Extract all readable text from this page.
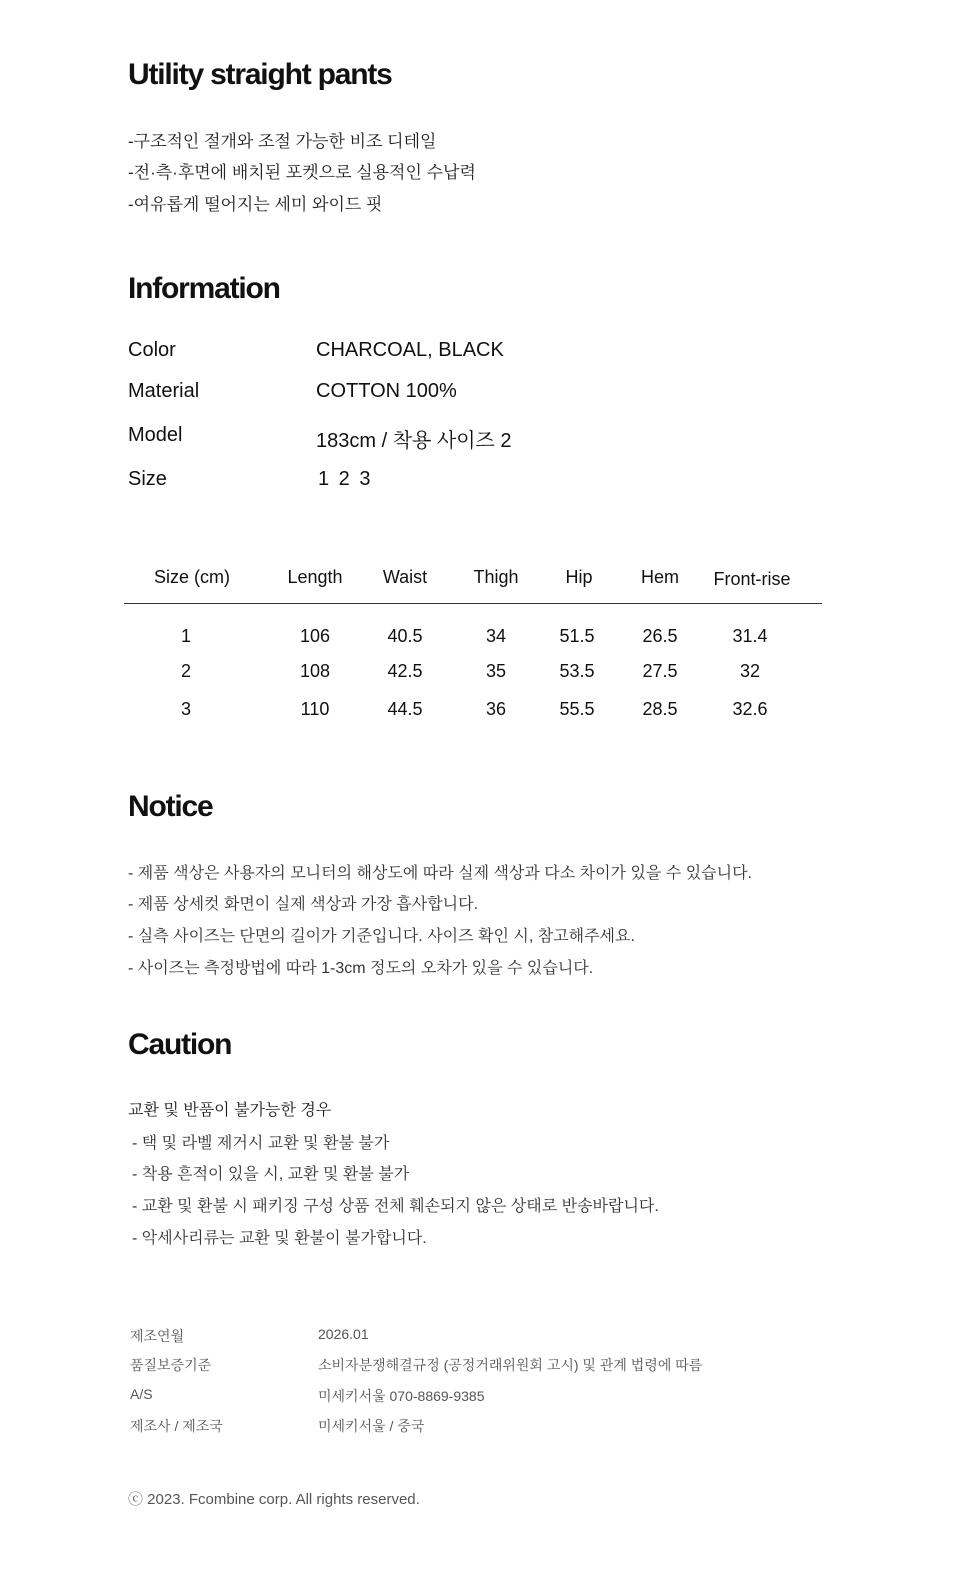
Utility straight pants
-구조적인 절개와 조절 가능한 비조 디테일
-전·측·후면에 배치된 포켓으로 실용적인 수납력
-여유롭게 떨어지는 세미 와이드 핏
Information
Color	CHARCOAL, BLACK
Material	COTTON 100%
Model	183cm / 착용 사이즈 2
Size	1 2 3
Size (cm)	Length	Waist	Thigh	Hip	Hem	Front-rise
1	106	40.5	34	51.5	26.5	31.4
2	108	42.5	35	53.5	27.5	32
3	110	44.5	36	55.5	28.5	32.6
Notice
- 제품 색상은 사용자의 모니터의 해상도에 따라 실제 색상과 다소 차이가 있을 수 있습니다.
- 제품 상세컷 화면이 실제 색상과 가장 흡사합니다.
- 실측 사이즈는 단면의 길이가 기준입니다. 사이즈 확인 시, 참고해주세요.
- 사이즈는 측정방법에 따라 1-3cm 정도의 오차가 있을 수 있습니다.
Caution
교환 및 반품이 불가능한 경우
- 택 및 라벨 제거시 교환 및 환불 불가
- 착용 흔적이 있을 시, 교환 및 환불 불가
- 교환 및 환불 시 패키징 구성 상품 전체 훼손되지 않은 상태로 반송바랍니다.
- 악세사리류는 교환 및 환불이 불가합니다.
제조연월	2026.01
품질보증기준	소비자분쟁해결규정 (공정거래위원회 고시) 및 관계 법령에 따름
A/S	미세키서울 070-8869-9385
제조사 / 제조국	미세키서울 / 중국
ⓒ 2023. Fcombine corp. All rights reserved.
